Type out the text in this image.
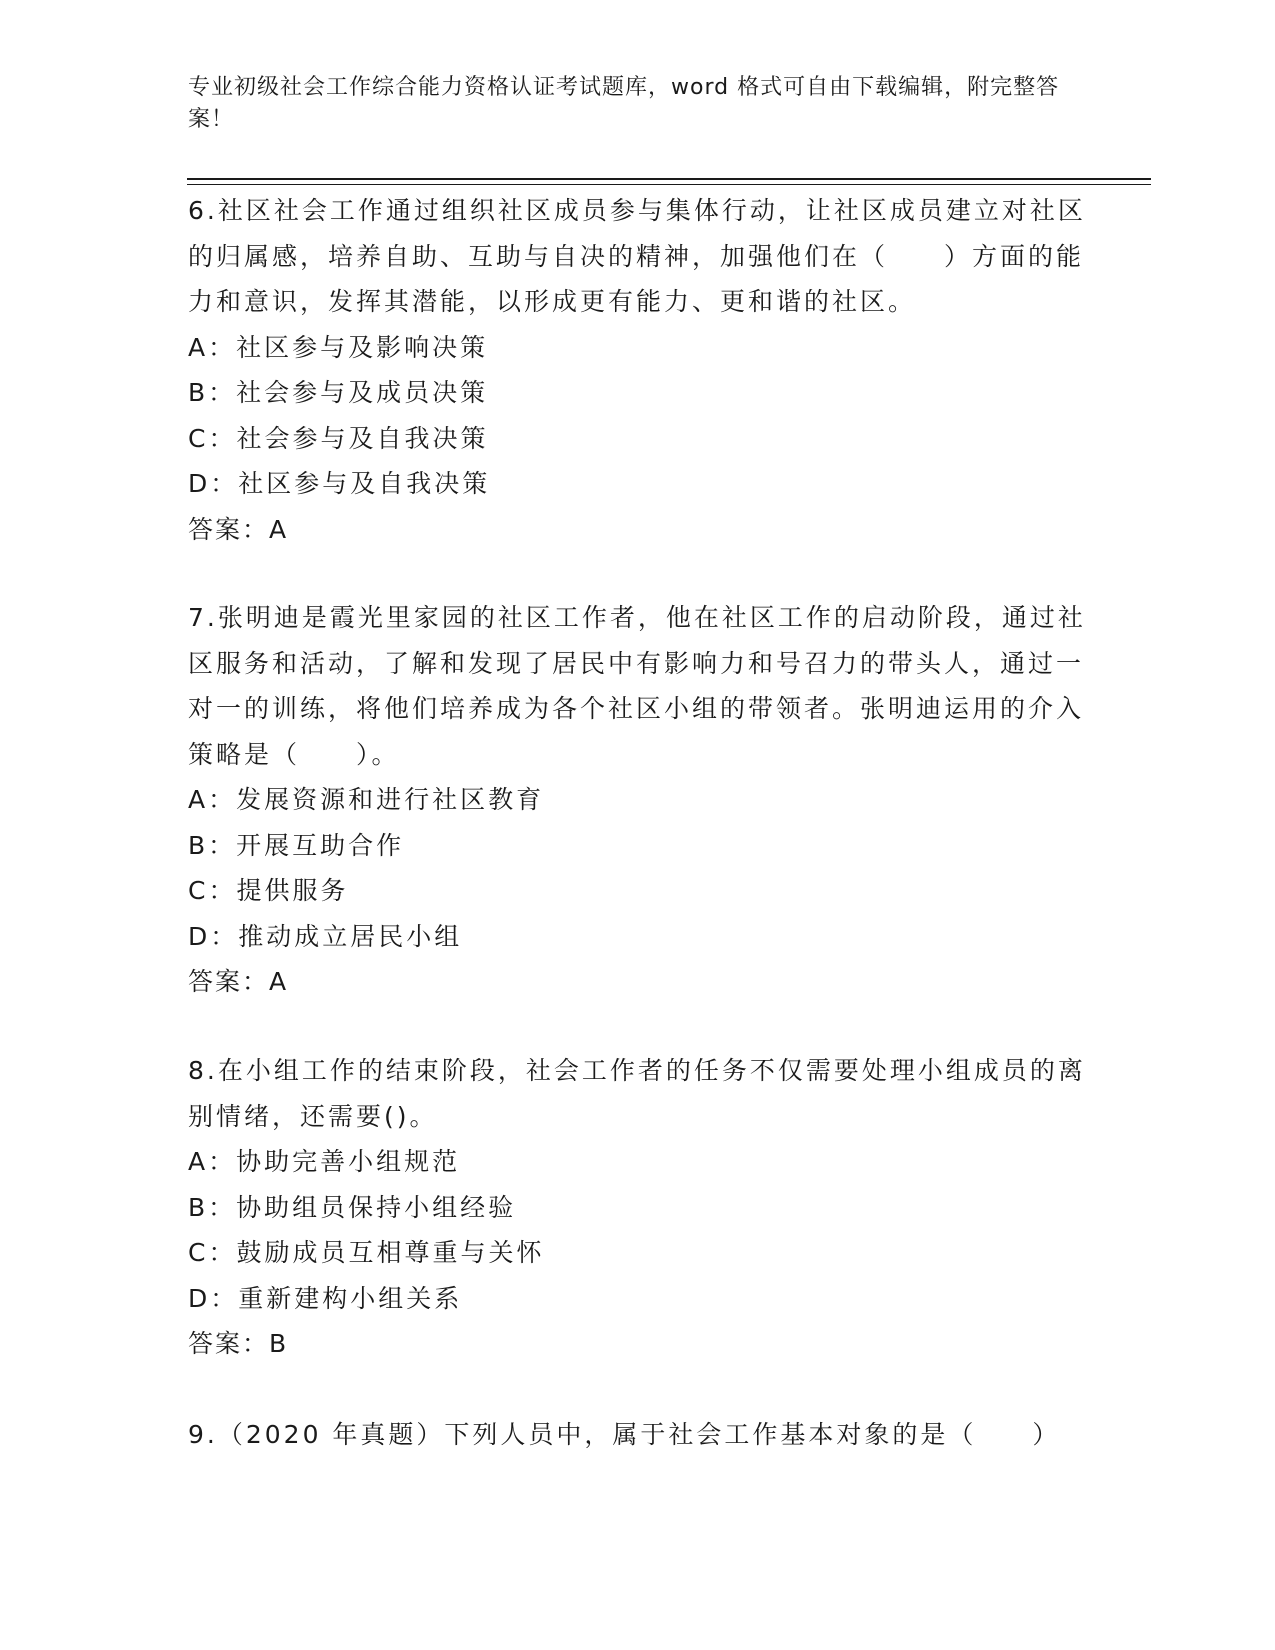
专业初级社会工作综合能力资格认证考试题库，word 格式可自由下载编辑，附完整答案！

6.社区社会工作通过组织社区成员参与集体行动，让社区成员建立对社区的归属感，培养自助、互助与自决的精神，加强他们在（　　）方面的能力和意识，发挥其潜能，以形成更有能力、更和谐的社区。

A：社区参与及影响决策

B：社会参与及成员决策

C：社会参与及自我决策

D：社区参与及自我决策

答案：A

7.张明迪是霞光里家园的社区工作者，他在社区工作的启动阶段，通过社区服务和活动，了解和发现了居民中有影响力和号召力的带头人，通过一对一的训练，将他们培养成为各个社区小组的带领者。张明迪运用的介入策略是（　　）。

A：发展资源和进行社区教育

B：开展互助合作

C：提供服务

D：推动成立居民小组

答案：A

8.在小组工作的结束阶段，社会工作者的任务不仅需要处理小组成员的离别情绪，还需要()。

A：协助完善小组规范

B：协助组员保持小组经验

C：鼓励成员互相尊重与关怀

D：重新建构小组关系

答案：B

9.（2020 年真题）下列人员中，属于社会工作基本对象的是（　　）
